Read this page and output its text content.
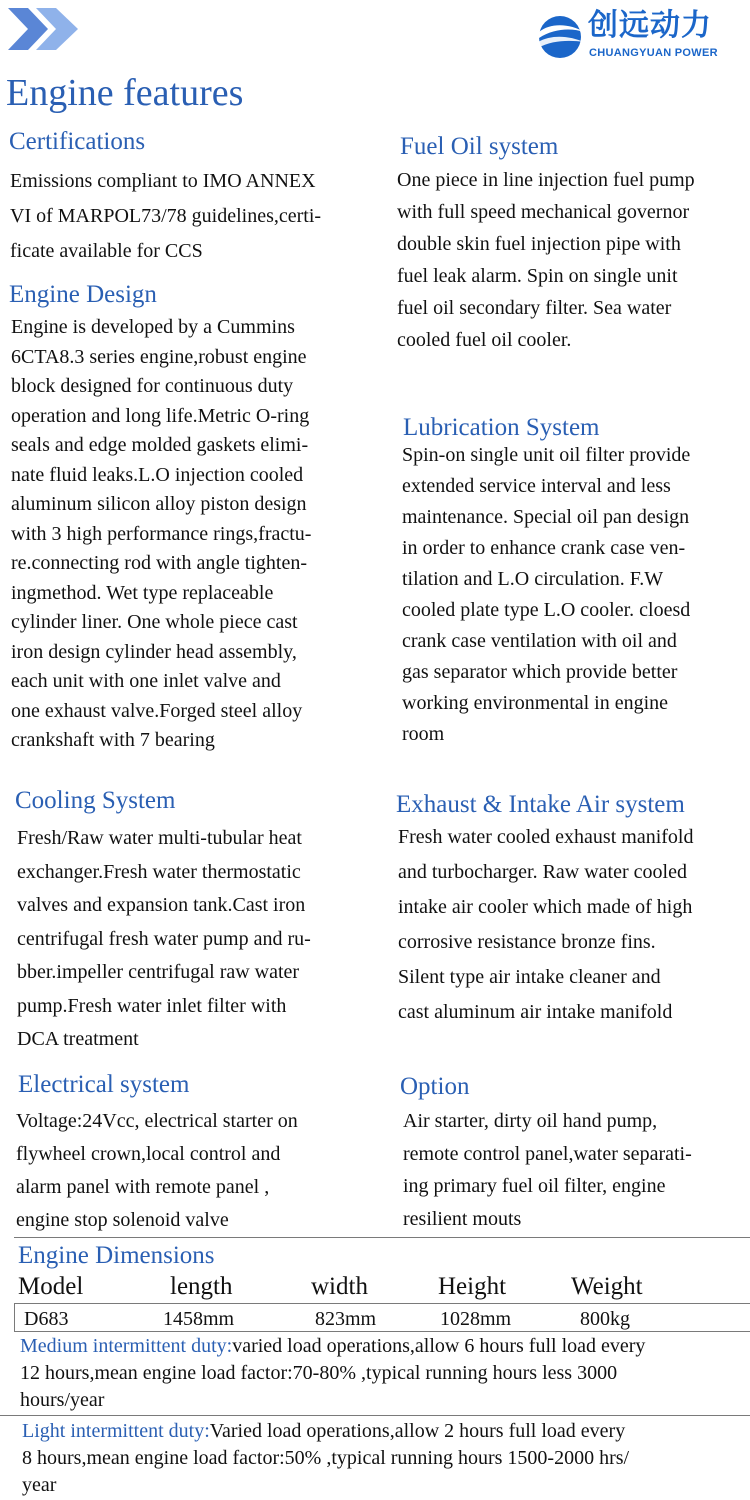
创远动力
CHUANGYUAN POWER
Engine features
Certifications
Emissions compliant to IMO ANNEX
VI of MARPOL73/78 guidelines,certi-
ficate available for CCS
Fuel Oil system
One piece in line injection fuel pump
with full speed mechanical governor
double skin fuel injection pipe with
fuel leak alarm. Spin on single unit
fuel oil secondary filter. Sea water
cooled fuel oil cooler.
Engine Design
Engine is developed by a Cummins
6CTA8.3 series engine,robust engine
block designed for continuous duty
operation and long life.Metric O-ring
seals and edge molded gaskets elimi-
nate fluid leaks.L.O injection cooled
aluminum silicon alloy piston design
with 3 high performance rings,fractu-
re.connecting rod with angle tighten-
ingmethod. Wet type replaceable
cylinder liner. One whole piece cast
iron design cylinder head assembly,
each unit with one inlet valve and
one exhaust valve.Forged steel alloy
crankshaft with 7 bearing
Lubrication System
Spin-on single unit oil filter provide
extended service interval and less
maintenance. Special oil pan design
in order to enhance crank case ven-
tilation and L.O circulation. F.W
cooled plate type L.O cooler. cloesd
crank case ventilation with oil and
gas separator which provide better
working environmental in engine
room
Cooling System
Fresh/Raw water multi-tubular heat
exchanger.Fresh water thermostatic
valves and expansion tank.Cast iron
centrifugal fresh water pump and ru-
bber.impeller centrifugal raw water
pump.Fresh water inlet filter with
DCA treatment
Exhaust & Intake Air system
Fresh water cooled exhaust manifold
and turbocharger. Raw water cooled
intake air cooler which made of high
corrosive resistance bronze fins.
Silent type air intake cleaner and
cast aluminum air intake manifold
Electrical system
Voltage:24Vcc, electrical starter on
flywheel crown,local control and
alarm panel with remote panel ,
engine stop solenoid valve
Option
Air starter, dirty oil hand pump,
remote control panel,water separati-
ing primary fuel oil filter, engine
resilient mouts
Engine Dimensions
Model	length	width	Height	Weight
D683	1458mm	823mm	1028mm	800kg
Medium intermittent duty:varied load operations,allow 6 hours full load every
12 hours,mean engine load factor:70-80% ,typical running hours less 3000
hours/year
Light intermittent duty:Varied load operations,allow 2 hours full load every
8 hours,mean engine load factor:50% ,typical running hours 1500-2000 hrs/
year
